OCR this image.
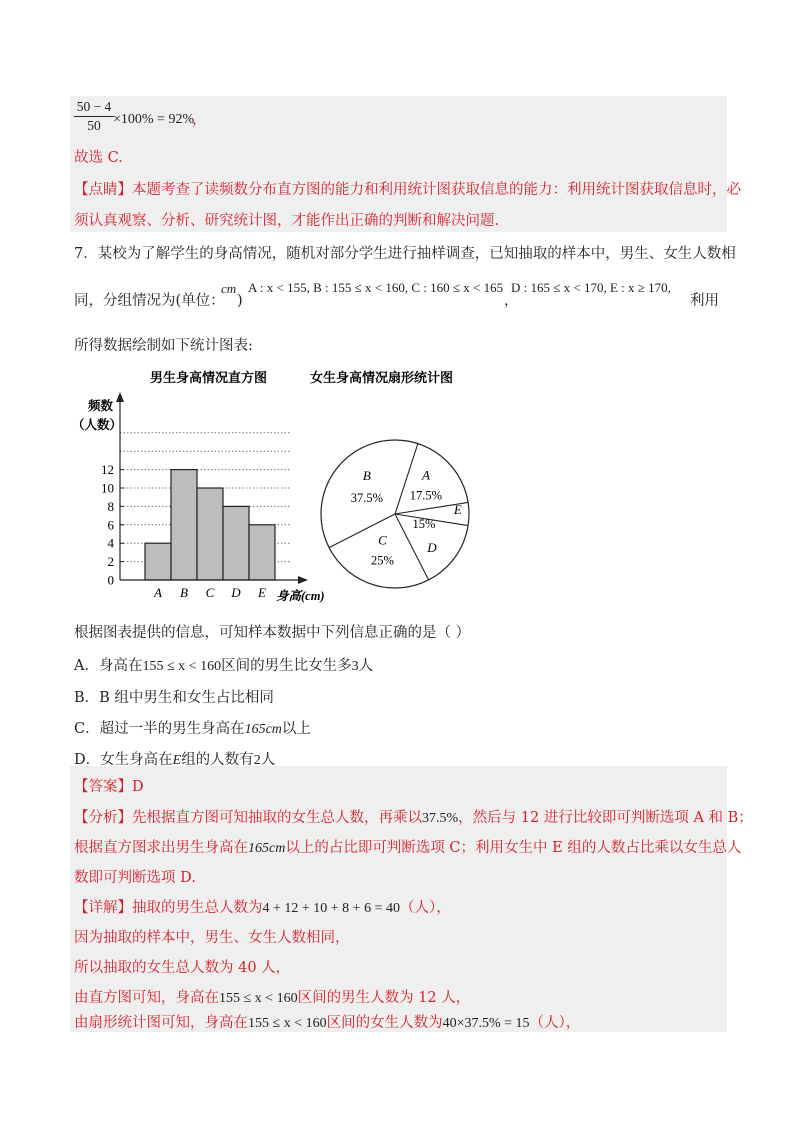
50 − 4
50 ×100% = 92%
，
故选 C.
【点睛】本题考查了读频数分布直方图的能力和利用统计图获取信息的能力：利用统计图获取信息时，必
须认真观察、分析、研究统计图，才能作出正确的判断和解决问题.
7．某校为了解学生的身高情况，随机对部分学生进行抽样调查，已知抽取的样本中，男生、女生人数相
同，分组情况为(单位：
cm
)
A : x < 155, B : 155 ≤ x < 160, C : 160 ≤ x < 165
，
D : 165 ≤ x < 170, E : x ≥ 170,
利用
所得数据绘制如下统计图表:
男生身高情况直方图	女生身高情况扇形统计图
频数
（人数）
身高(cm)
A B C D E
0
2
4
6
8
10
12	A
17.5%
E
D
15%
C
25%
B
37.5%
根据图表提供的信息，可知样本数据中下列信息正确的是（ ）
A．身高在155 ≤ x < 160区间的男生比女生多3人
B．B 组中男生和女生占比相同
C．超过一半的男生身高在165cm以上
D．女生身高在E组的人数有2人
【答案】D
【分析】先根据直方图可知抽取的女生总人数，再乘以37.5%，然后与 12 进行比较即可判断选项 A 和 B；
根据直方图求出男生身高在165cm以上的占比即可判断选项 C；利用女生中 E 组的人数占比乘以女生总人
数即可判断选项 D.
【详解】抽取的男生总人数为4 + 12 + 10 + 8 + 6 = 40（人），
因为抽取的样本中，男生、女生人数相同，
所以抽取的女生总人数为 40 人，
由直方图可知，身高在155 ≤ x < 160区间的男生人数为 12 人，
由扇形统计图可知，身高在155 ≤ x < 160区间的女生人数为40×37.5% = 15（人），
